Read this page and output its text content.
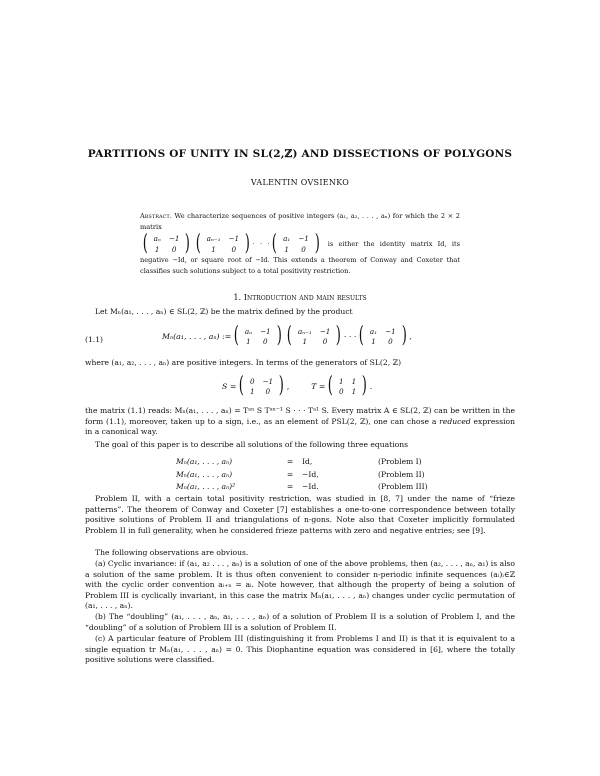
PARTITIONS OF UNITY IN SL(2,ℤ) AND DISSECTIONS OF POLYGONS
VALENTIN OVSIENKO
Abstract. We characterize sequences of positive integers (a₁, a₂, . . . , aₙ) for which the 2 × 2 matrix

( aₙ	−1
1	0 ) ( aₙ₋₁	−1
1	0 ) · · · ( a₁	−1
1	0 ) is either the identity matrix Id, its negative −Id, or square root of −Id. This extends a theorem of Conway and Coxeter that classifies such solutions subject to a total positivity restriction.
1. Introduction and main results
Let Mₙ(a₁, . . . , aₙ) ∈ SL(2, ℤ) be the matrix defined by the product
(1.1)	Mₙ(a₁, . . . , aₙ) := ( aₙ	−1
1	0 ) ( aₙ₋₁	−1
1	0 ) · · · ( a₁	−1
1	0 ) ,
where (a₁, a₂, . . . , aₙ) are positive integers. In terms of the generators of SL(2, ℤ)
S = ( 0	−1
1	0 ) ,	T = ( 1	1
0	1 ) .
the matrix (1.1) reads: Mₙ(a₁, . . . , aₙ) = Tᵃⁿ S Tᵃⁿ⁻¹ S · · · Tᵃ¹ S. Every matrix A ∈ SL(2, ℤ) can be written in the form (1.1), moreover, taken up to a sign, i.e., as an element of PSL(2, ℤ), one can chose a reduced expression in a canonical way.
The goal of this paper is to describe all solutions of the following three equations
Mₙ(a₁, . . . , aₙ)	= Id,	(Problem I)
Mₙ(a₁, . . . , aₙ)	= −Id,	(Problem II)
Mₙ(a₁, . . . , aₙ)²	= −Id.	(Problem III)
Problem II, with a certain total positivity restriction, was studied in [8, 7] under the name of “frieze patterns”. The theorem of Conway and Coxeter [7] establishes a one-to-one correspondence between totally positive solutions of Problem II and triangulations of n-gons. Note also that Coxeter implicitly formulated Problem II in full generality, when he considered frieze patterns with zero and negative entries; see [9].
The following observations are obvious.
(a) Cyclic invariance: if (a₁, a₂ . . . , aₙ) is a solution of one of the above problems, then (a₂, . . . , aₙ, a₁) is also a solution of the same problem. It is thus often convenient to consider n-periodic infinite sequences (aᵢ)ᵢ∈ℤ with the cyclic order convention aᵢ₊ₙ = aᵢ. Note however, that although the property of being a solution of Problem III is cyclically invariant, in this case the matrix Mₙ(a₁, . . . , aₙ) changes under cyclic permutation of (a₁, . . . , aₙ).
(b) The “doubling” (a₁, . . . , aₙ, a₁, . . . , aₙ) of a solution of Problem II is a solution of Problem I, and the “doubling” of a solution of Problem III is a solution of Problem II.
(c) A particular feature of Problem III (distinguishing it from Problems I and II) is that it is equivalent to a single equation tr Mₙ(a₁, . . . , aₙ) = 0. This Diophantine equation was considered in [6], where the totally positive solutions were classified.
